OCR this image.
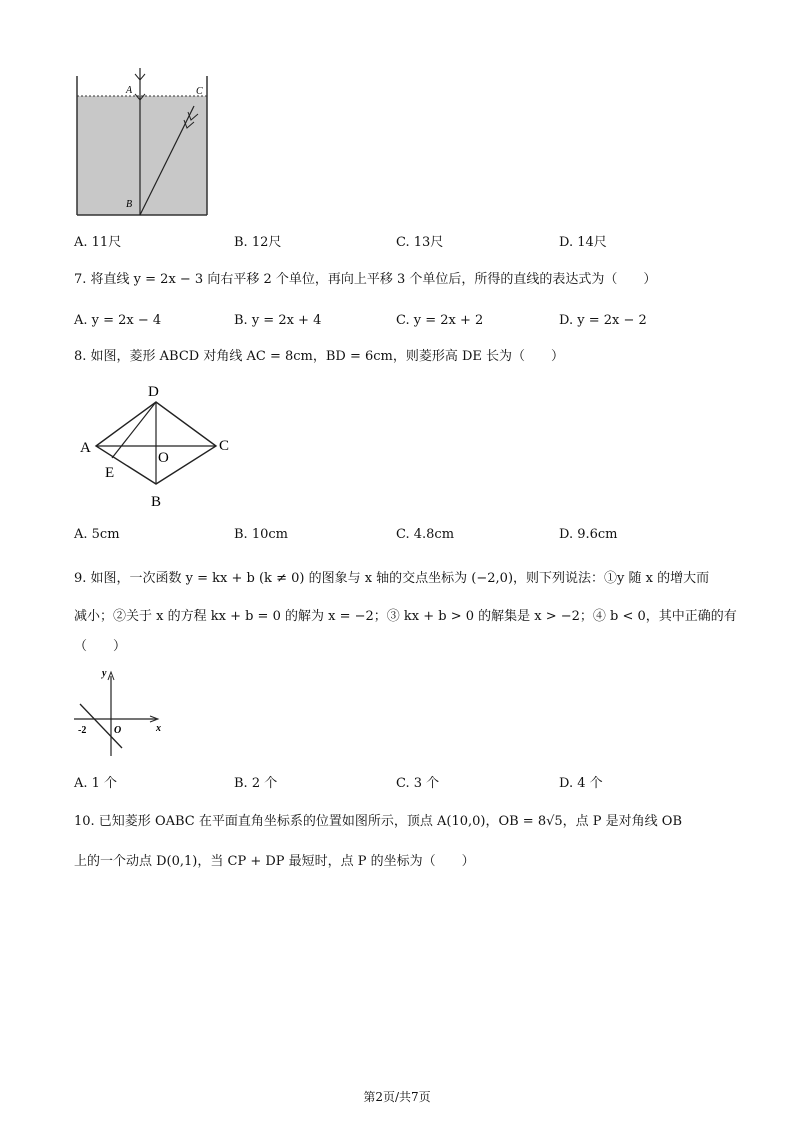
A	C
B
A. 11尺	B. 12尺	C. 13尺	D. 14尺
7. 将直线 y = 2x − 3 向右平移 2 个单位，再向上平移 3 个单位后，所得的直线的表达式为（　　）
A. y = 2x − 4	B. y = 2x + 4	C. y = 2x + 2	D. y = 2x − 2
8. 如图，菱形 ABCD 对角线 AC = 8cm，BD = 6cm，则菱形高 DE 长为（　　）
D
A	C
B
E
O
A. 5cm	B. 10cm	C. 4.8cm	D. 9.6cm
9. 如图，一次函数 y = kx + b (k ≠ 0) 的图象与 x 轴的交点坐标为 (−2,0)，则下列说法：①y 随 x 的增大而
减小；②关于 x 的方程 kx + b = 0 的解为 x = −2；③ kx + b > 0 的解集是 x > −2；④ b < 0，其中正确的有
（　　）
y
x
O
-2
A. 1 个	B. 2 个	C. 3 个	D. 4 个
10. 已知菱形 OABC 在平面直角坐标系的位置如图所示，顶点 A(10,0)，OB = 8√5，点 P 是对角线 OB
上的一个动点 D(0,1)，当 CP + DP 最短时，点 P 的坐标为（　　）
第2页/共7页
